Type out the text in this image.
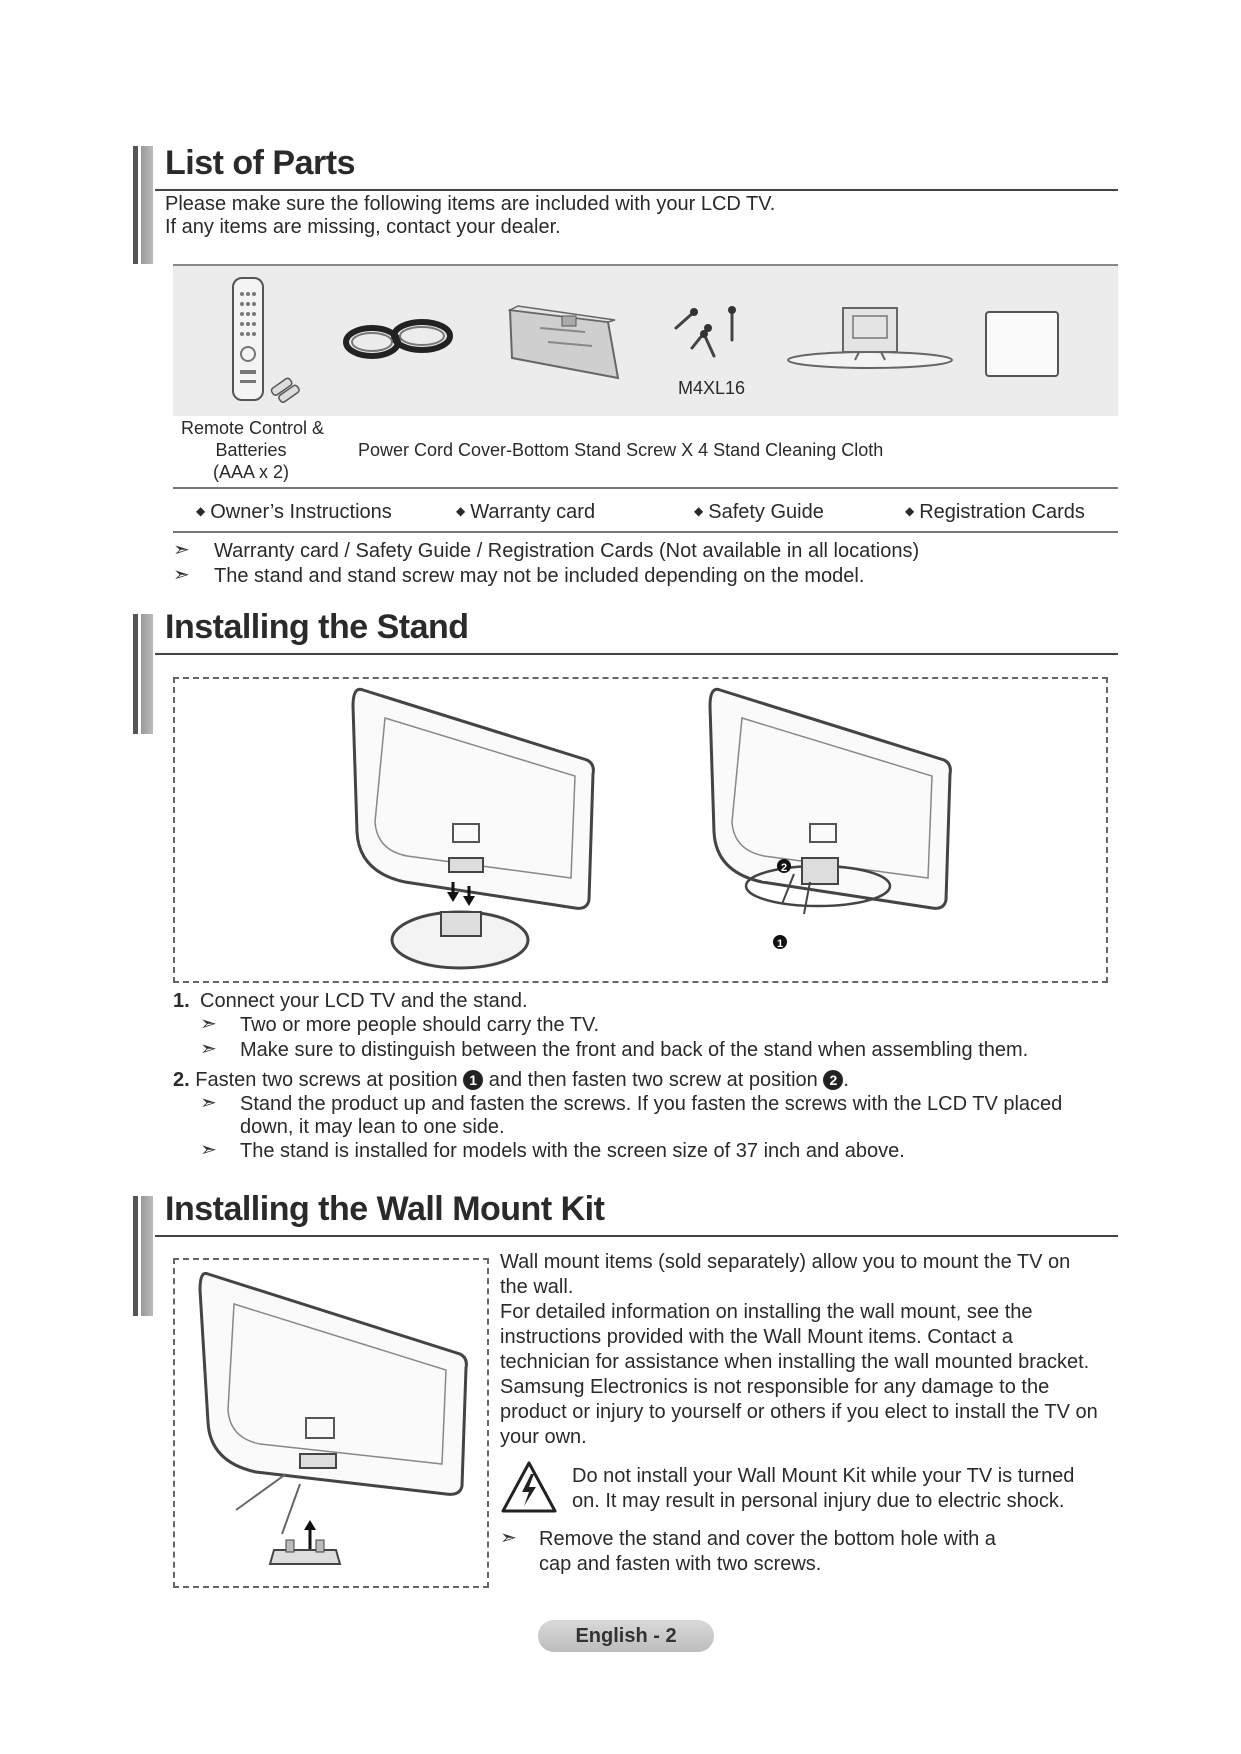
List of Parts
Please make sure the following items are included with your LCD TV.
If any items are missing, contact your dealer.
M4XL16
Remote Control &
Batteries
(AAA x 2)
Power Cord Cover-Bottom Stand Screw X 4 Stand Cleaning Cloth
◆ Owner’s Instructions	◆ Warranty card	◆ Safety Guide	◆ Registration Cards
➣ Warranty card / Safety Guide / Registration Cards (Not available in all locations)
➣ The stand and stand screw may not be included depending on the model.
Installing the Stand
2
1
1. Connect your LCD TV and the stand.
➣ Two or more people should carry the TV.
➣ Make sure to distinguish between the front and back of the stand when assembling them.
2. Fasten two screws at position 1 and then fasten two screw at position 2 .
➣ Stand the product up and fasten the screws. If you fasten the screws with the LCD TV placed
down, it may lean to one side.
➣ The stand is installed for models with the screen size of 37 inch and above.
Installing the Wall Mount Kit
Wall mount items (sold separately) allow you to mount the TV on
the wall.
For detailed information on installing the wall mount, see the
instructions provided with the Wall Mount items. Contact a
technician for assistance when installing the wall mounted bracket.
Samsung Electronics is not responsible for any damage to the
product or injury to yourself or others if you elect to install the TV on
your own.
Do not install your Wall Mount Kit while your TV is turned
on. It may result in personal injury due to electric shock.
➣ Remove the stand and cover the bottom hole with a
cap and fasten with two screws.
English - 2
